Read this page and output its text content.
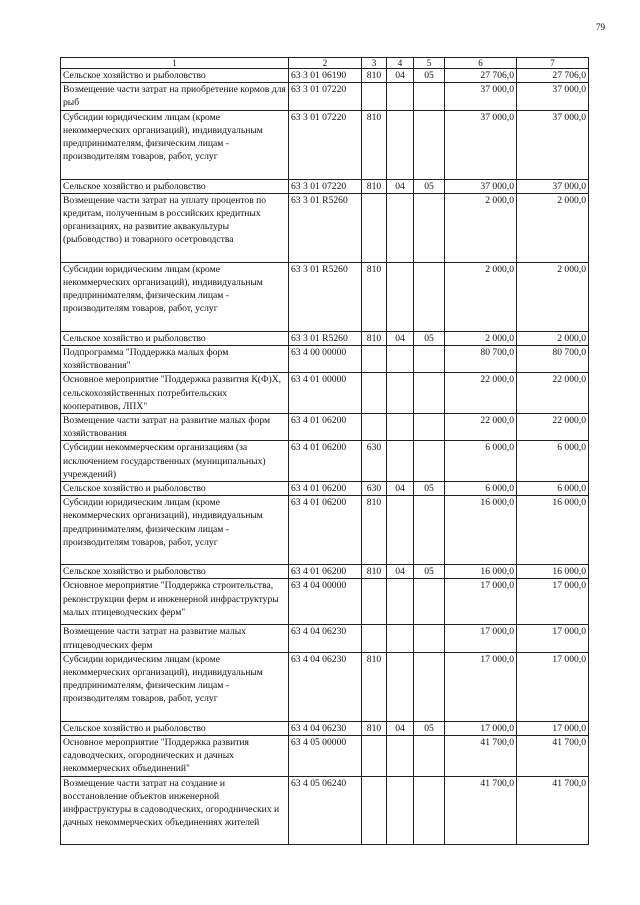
79
1	2	3	4	5	6	7
Сельское хозяйство и рыболовство	63 3 01 06190	810	04	05	27 706,0	27 706,0
Возмещение части затрат на приобретение кормов для рыб	63 3 01 07220				37 000,0	37 000,0
Субсидии юридическим лицам (кроме некоммерческих организаций), индивидуальным предпринимателям, физическим лицам - производителям товаров, работ, услуг	63 3 01 07220	810			37 000,0	37 000,0
Сельское хозяйство и рыболовство	63 3 01 07220	810	04	05	37 000,0	37 000,0
Возмещение части затрат на уплату процентов по кредитам, полученным в российских кредитных организациях, на развитие аквакультуры (рыбоводство) и товарного осетроводства	63 3 01 R5260				2 000,0	2 000,0
Субсидии юридическим лицам (кроме некоммерческих организаций), индивидуальным предпринимателям, физическим лицам - производителям товаров, работ, услуг	63 3 01 R5260	810			2 000,0	2 000,0
Сельское хозяйство и рыболовство	63 3 01 R5260	810	04	05	2 000,0	2 000,0
Подпрограмма "Поддержка малых форм хозяйствования"	63 4 00 00000				80 700,0	80 700,0
Основное мероприятие "Поддержка развития К(Ф)Х, сельскохозяйственных потребительских кооперативов, ЛПХ"	63 4 01 00000				22 000,0	22 000,0
Возмещение части затрат на развитие малых форм хозяйствования	63 4 01 06200				22 000,0	22 000,0
Субсидии некоммерческим организациям (за исключением государственных (муниципальных) учреждений)	63 4 01 06200	630			6 000,0	6 000,0
Сельское хозяйство и рыболовство	63 4 01 06200	630	04	05	6 000,0	6 000,0
Субсидии юридическим лицам (кроме некоммерческих организаций), индивидуальным предпринимателям, физическим лицам - производителям товаров, работ, услуг	63 4 01 06200	810			16 000,0	16 000,0
Сельское хозяйство и рыболовство	63 4 01 06200	810	04	05	16 000,0	16 000,0
Основное мероприятие "Поддержка строительства, реконструкции ферм и инженерной инфраструктуры малых птицеводческих ферм"	63 4 04 00000				17 000,0	17 000,0
Возмещение части затрат на развитие малых птицеводческих ферм	63 4 04 06230				17 000,0	17 000,0
Субсидии юридическим лицам (кроме некоммерческих организаций), индивидуальным предпринимателям, физическим лицам - производителям товаров, работ, услуг	63 4 04 06230	810			17 000,0	17 000,0
Сельское хозяйство и рыболовство	63 4 04 06230	810	04	05	17 000,0	17 000,0
Основное мероприятие "Поддержка развития садоводческих, огороднических и дачных некоммерческих объединений"	63 4 05 00000				41 700,0	41 700,0
Возмещение части затрат на создание и восстановление объектов инженерной инфраструктуры в садоводческих, огороднических и дачных некоммерческих объединениях жителей	63 4 05 06240				41 700,0	41 700,0
